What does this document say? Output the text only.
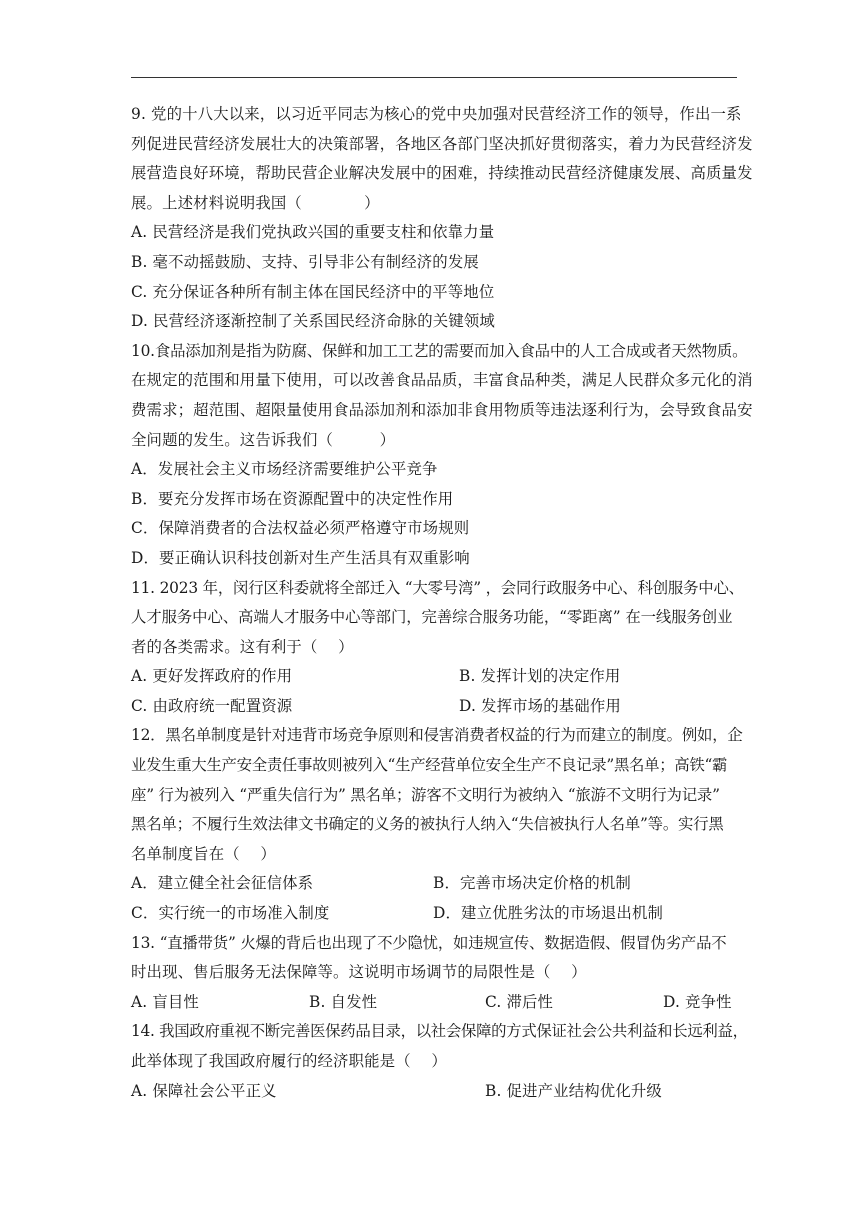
9. 党的十八大以来，以习近平同志为核心的党中央加强对民营经济工作的领导，作出一系
列促进民营经济发展壮大的决策部署，各地区各部门坚决抓好贯彻落实，着力为民营经济发
展营造良好环境，帮助民营企业解决发展中的困难，持续推动民营经济健康发展、高质量发
展。上述材料说明我国（　　　　）
A. 民营经济是我们党执政兴国的重要支柱和依靠力量
B. 毫不动摇鼓励、支持、引导非公有制经济的发展
C. 充分保证各种所有制主体在国民经济中的平等地位
D. 民营经济逐渐控制了关系国民经济命脉的关键领域
10.食品添加剂是指为防腐、保鲜和加工工艺的需要而加入食品中的人工合成或者天然物质。
在规定的范围和用量下使用，可以改善食品品质，丰富食品种类，满足人民群众多元化的消
费需求；超范围、超限量使用食品添加剂和添加非食用物质等违法逐利行为，会导致食品安
全问题的发生。这告诉我们（　　　）
A．发展社会主义市场经济需要维护公平竞争
B．要充分发挥市场在资源配置中的决定性作用
C．保障消费者的合法权益必须严格遵守市场规则
D．要正确认识科技创新对生产生活具有双重影响
11. 2023 年，闵行区科委就将全部迁入 “大零号湾” ，会同行政服务中心、科创服务中心、
人才服务中心、高端人才服务中心等部门，完善综合服务功能，“零距离” 在一线服务创业
者的各类需求。这有利于（　 ）
A. 更好发挥政府的作用	B. 发挥计划的决定作用
C. 由政府统一配置资源	D. 发挥市场的基础作用
12．黑名单制度是针对违背市场竞争原则和侵害消费者权益的行为而建立的制度。例如，企
业发生重大生产安全责任事故则被列入“生产经营单位安全生产不良记录”黑名单；高铁“霸
座” 行为被列入 “严重失信行为” 黑名单；游客不文明行为被纳入 “旅游不文明行为记录”
黑名单；不履行生效法律文书确定的义务的被执行人纳入“失信被执行人名单”等。实行黑
名单制度旨在（　 ）
A．建立健全社会征信体系	B．完善市场决定价格的机制
C．实行统一的市场准入制度	D．建立优胜劣汰的市场退出机制
13. “直播带货” 火爆的背后也出现了不少隐忧，如违规宣传、数据造假、假冒伪劣产品不
时出现、售后服务无法保障等。这说明市场调节的局限性是（　 ）
A. 盲目性	B. 自发性	C. 滞后性	D. 竞争性
14. 我国政府重视不断完善医保药品目录，以社会保障的方式保证社会公共利益和长远利益，
此举体现了我国政府履行的经济职能是（　 ）
A. 保障社会公平正义	B. 促进产业结构优化升级
